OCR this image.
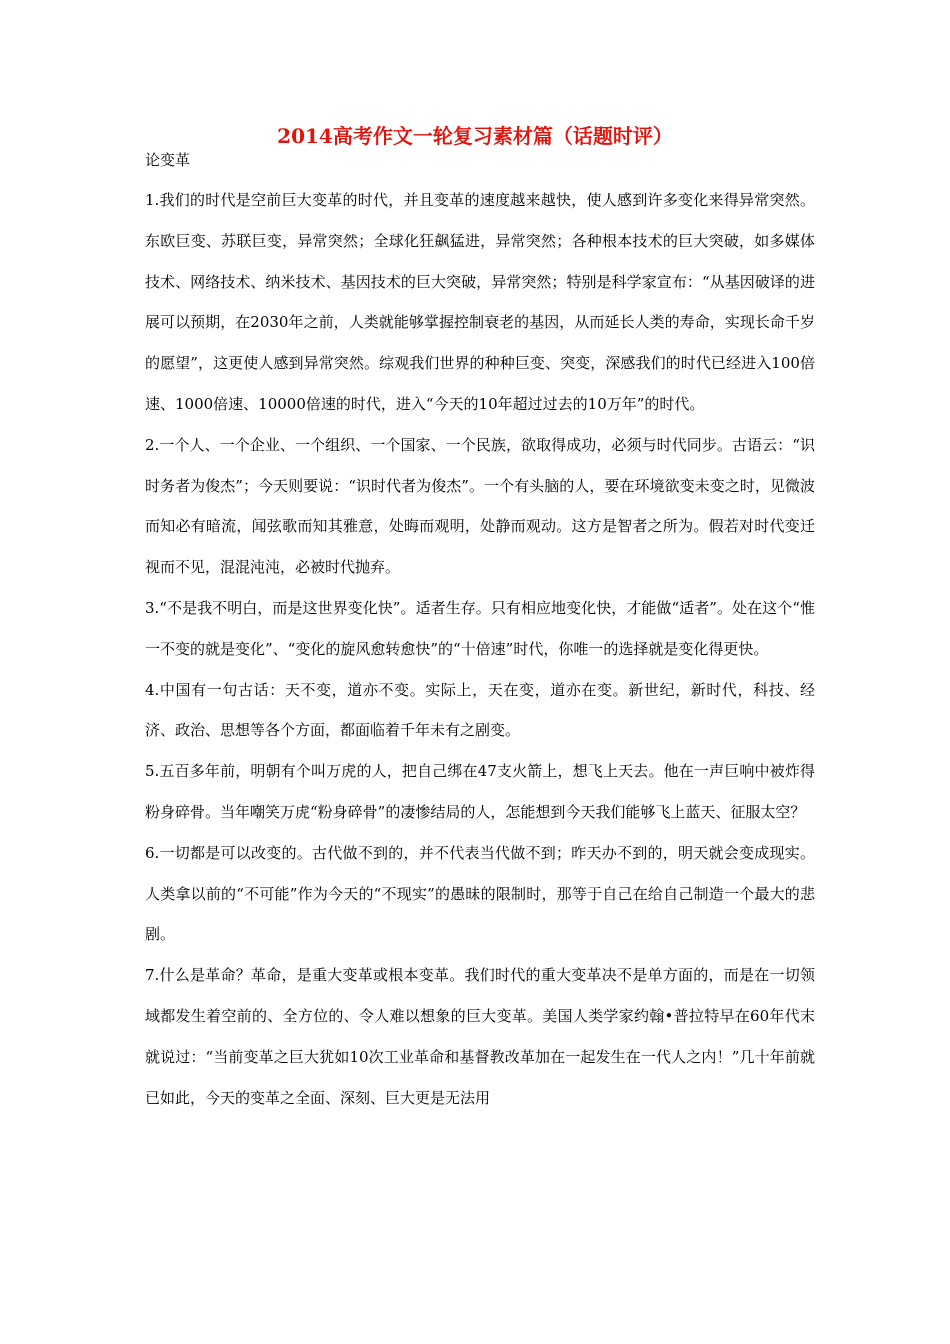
2014高考作文一轮复习素材篇（话题时评）
论变革

1.我们的时代是空前巨大变革的时代，并且变革的速度越来越快，使人感到许多变化来得异常突然。东欧巨变、苏联巨变，异常突然；全球化狂飙猛进，异常突然；各种根本技术的巨大突破，如多媒体技术、网络技术、纳米技术、基因技术的巨大突破，异常突然；特别是科学家宣布：“从基因破译的进展可以预期，在2030年之前，人类就能够掌握控制衰老的基因，从而延长人类的寿命，实现长命千岁的愿望”，这更使人感到异常突然。综观我们世界的种种巨变、突变，深感我们的时代已经进入100倍速、1000倍速、10000倍速的时代，进入“今天的10年超过过去的10万年”的时代。

2.一个人、一个企业、一个组织、一个国家、一个民族，欲取得成功，必须与时代同步。古语云：“识时务者为俊杰”；今天则要说：“识时代者为俊杰”。一个有头脑的人，要在环境欲变未变之时，见微波而知必有暗流，闻弦歌而知其雅意，处晦而观明，处静而观动。这方是智者之所为。假若对时代变迁视而不见，混混沌沌，必被时代抛弃。

3.“不是我不明白，而是这世界变化快”。适者生存。只有相应地变化快，才能做“适者”。处在这个“惟一不变的就是变化”、“变化的旋风愈转愈快”的“十倍速”时代，你唯一的选择就是变化得更快。

4.中国有一句古话：天不变，道亦不变。实际上，天在变，道亦在变。新世纪，新时代，科技、经济、政治、思想等各个方面，都面临着千年未有之剧变。

5.五百多年前，明朝有个叫万虎的人，把自己绑在47支火箭上，想飞上天去。他在一声巨响中被炸得粉身碎骨。当年嘲笑万虎“粉身碎骨”的凄惨结局的人，怎能想到今天我们能够飞上蓝天、征服太空？

6.一切都是可以改变的。古代做不到的，并不代表当代做不到；昨天办不到的，明天就会变成现实。人类拿以前的“不可能”作为今天的“不现实”的愚昧的限制时，那等于自己在给自己制造一个最大的悲剧。

7.什么是革命？革命，是重大变革或根本变革。我们时代的重大变革决不是单方面的，而是在一切领域都发生着空前的、全方位的、令人难以想象的巨大变革。美国人类学家约翰•普拉特早在60年代末就说过：“当前变革之巨大犹如10次工业革命和基督教改革加在一起发生在一代人之内！”几十年前就已如此，今天的变革之全面、深刻、巨大更是无法用
